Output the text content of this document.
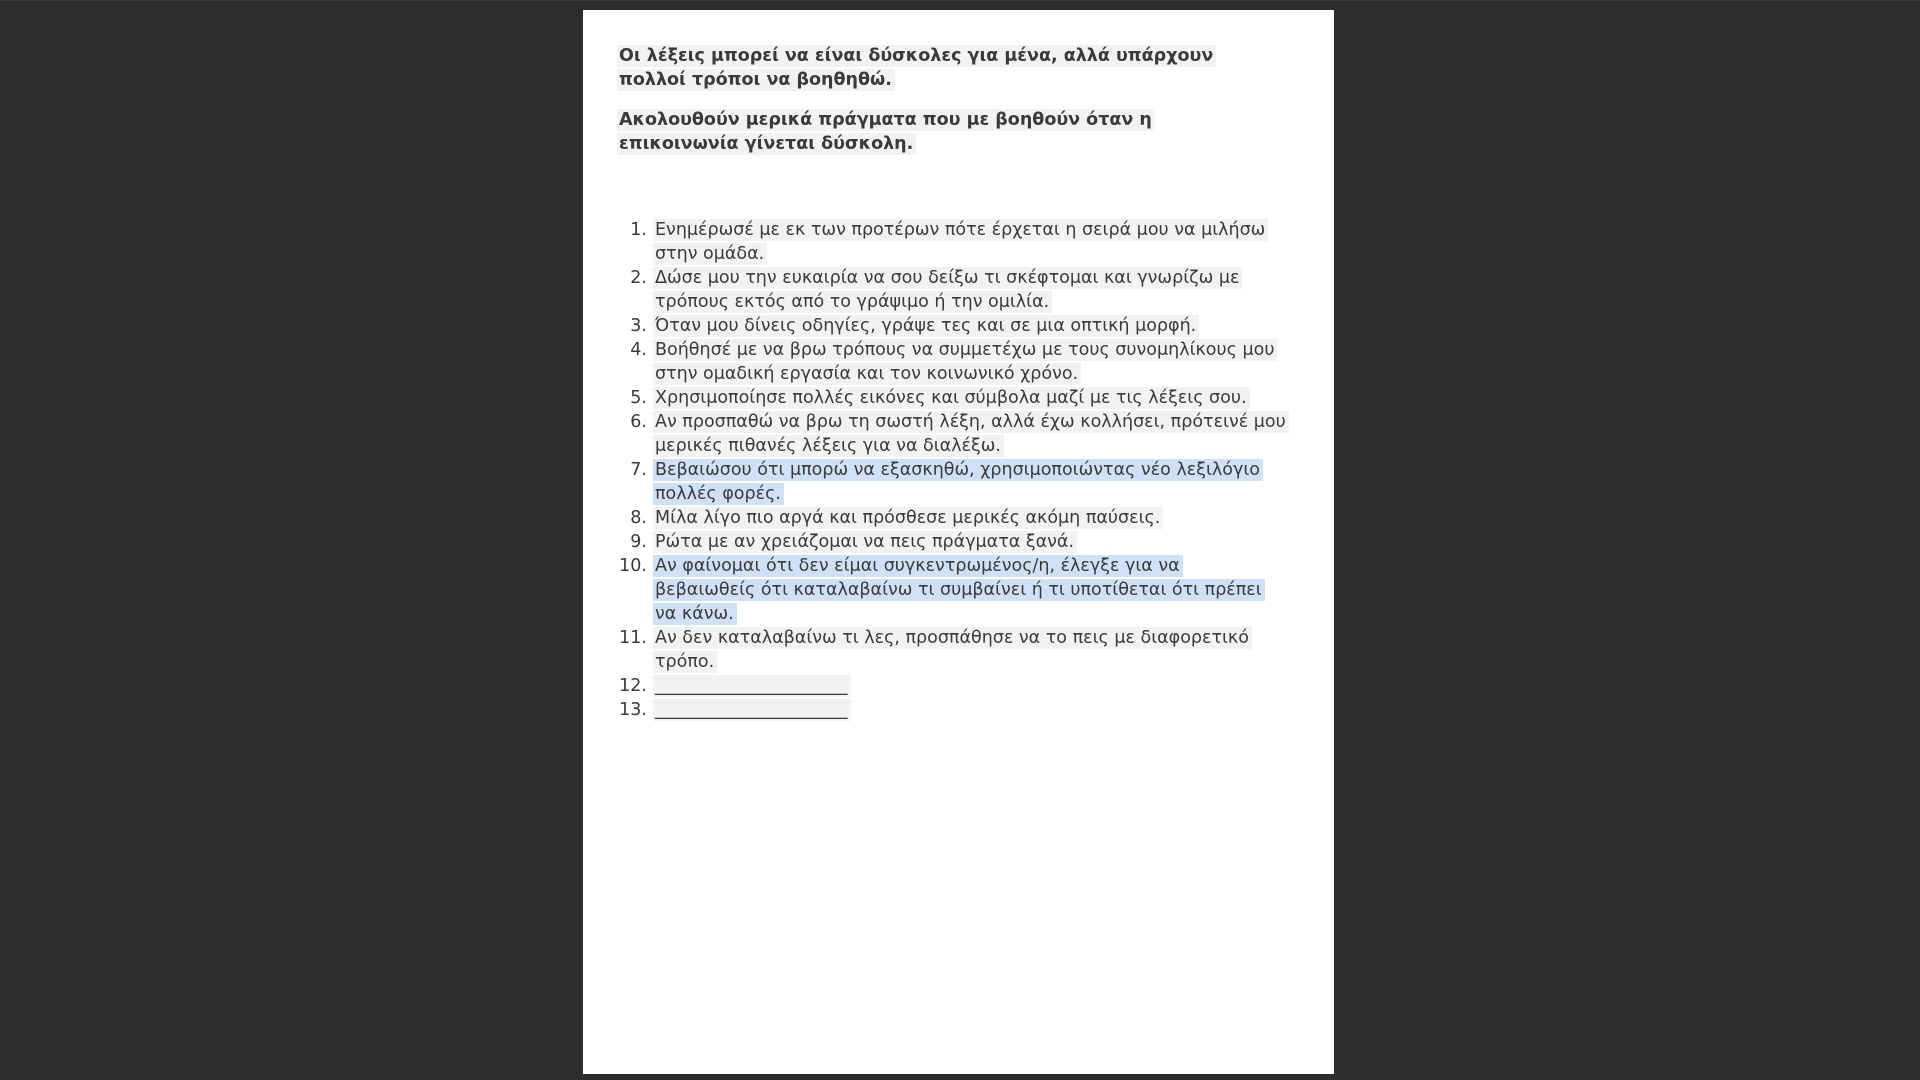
Οι λέξεις μπορεί να είναι δύσκολες για μένα, αλλά υπάρχουν πολλοί τρόποι να βοηθηθώ.

Ακολουθούν μερικά πράγματα που με βοηθούν όταν η επικοινωνία γίνεται δύσκολη.

1. Ενημέρωσέ με εκ των προτέρων πότε έρχεται η σειρά μου να μιλήσω στην ομάδα.
2. Δώσε μου την ευκαιρία να σου δείξω τι σκέφτομαι και γνωρίζω με τρόπους εκτός από το γράψιμο ή την ομιλία.
3. Όταν μου δίνεις οδηγίες, γράψε τες και σε μια οπτική μορφή.
4. Βοήθησέ με να βρω τρόπους να συμμετέχω με τους συνομηλίκους μου στην ομαδική εργασία και τον κοινωνικό χρόνο.
5. Χρησιμοποίησε πολλές εικόνες και σύμβολα μαζί με τις λέξεις σου.
6. Αν προσπαθώ να βρω τη σωστή λέξη, αλλά έχω κολλήσει, πρότεινέ μου μερικές πιθανές λέξεις για να διαλέξω.
7. Βεβαιώσου ότι μπορώ να εξασκηθώ, χρησιμοποιώντας νέο λεξιλόγιο πολλές φορές.
8. Μίλα λίγο πιο αργά και πρόσθεσε μερικές ακόμη παύσεις.
9. Ρώτα με αν χρειάζομαι να πεις πράγματα ξανά.
10. Αν φαίνομαι ότι δεν είμαι συγκεντρωμένος/η, έλεγξε για να βεβαιωθείς ότι καταλαβαίνω τι συμβαίνει ή τι υποτίθεται ότι πρέπει να κάνω.
11. Αν δεν καταλαβαίνω τι λες, προσπάθησε να το πεις με διαφορετικό τρόπο.
12. ______________________
13. ______________________
